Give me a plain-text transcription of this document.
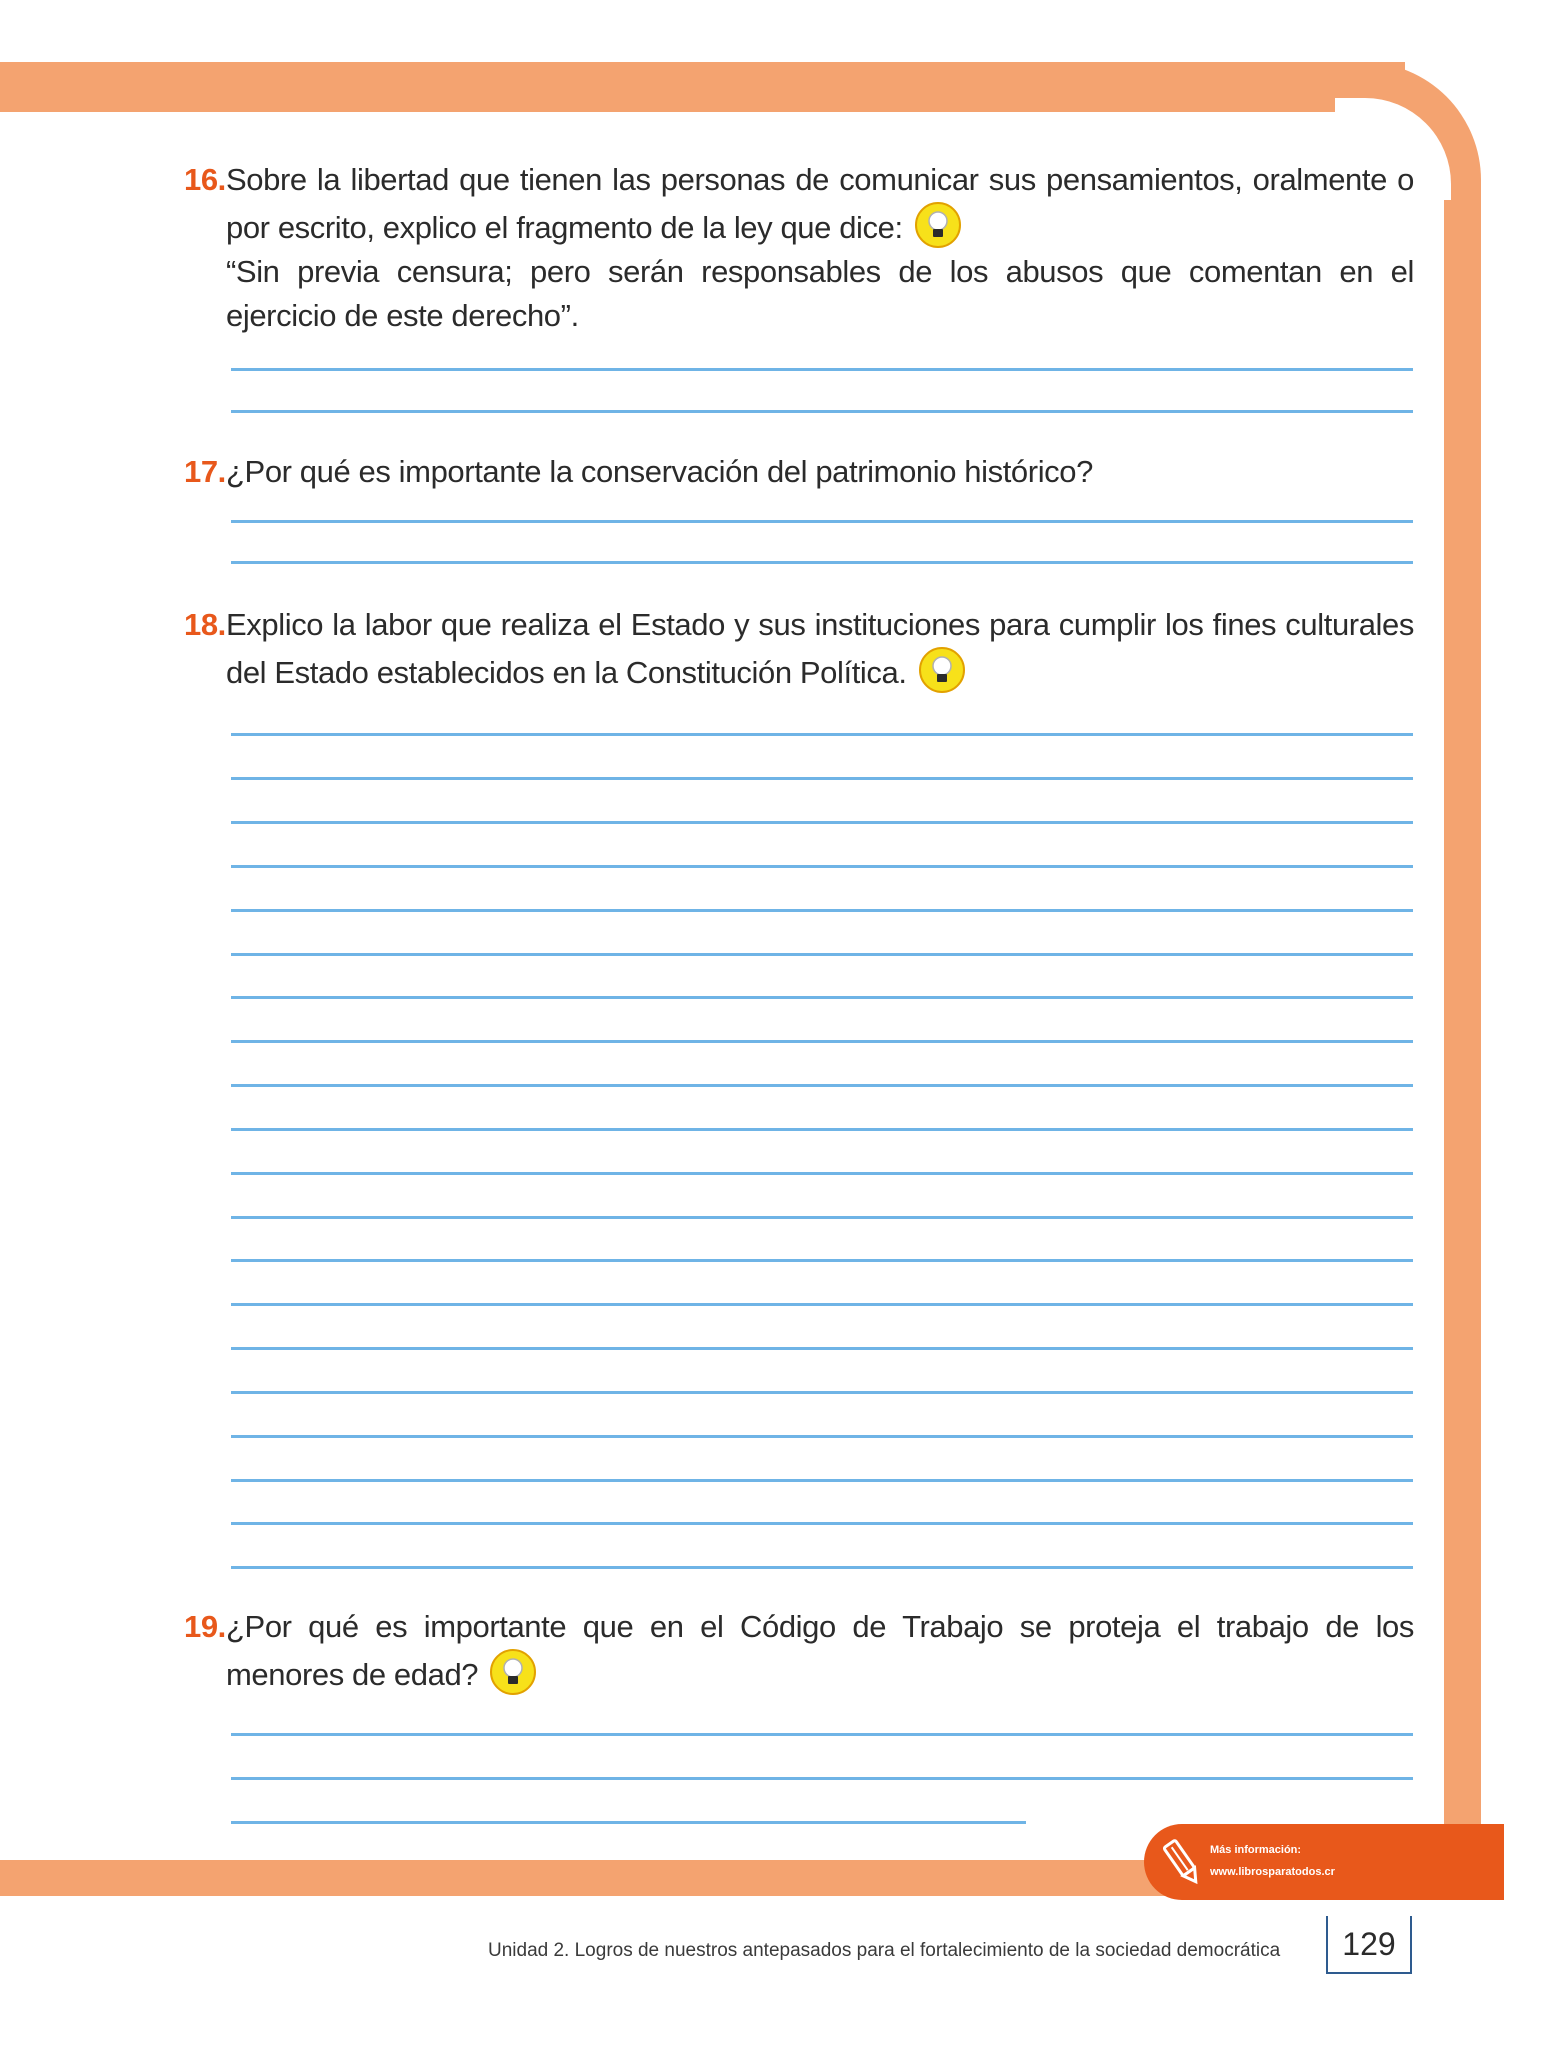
16. Sobre la libertad que tienen las personas de comunicar sus pensamientos, oralmente o por escrito, explico el fragmento de la ley que dice:
“Sin previa censura; pero serán responsables de los abusos que comentan en el ejercicio de este derecho”.
17. ¿Por qué es importante la conservación del patrimonio histórico?
18. Explico la labor que realiza el Estado y sus instituciones para cumplir los fines culturales del Estado establecidos en la Constitución Política.
19. ¿Por qué es importante que en el Código de Trabajo se proteja el trabajo de los menores de edad?
Más información:
www.librosparatodos.cr
Unidad 2. Logros de nuestros antepasados para el fortalecimiento de la sociedad democrática	129
